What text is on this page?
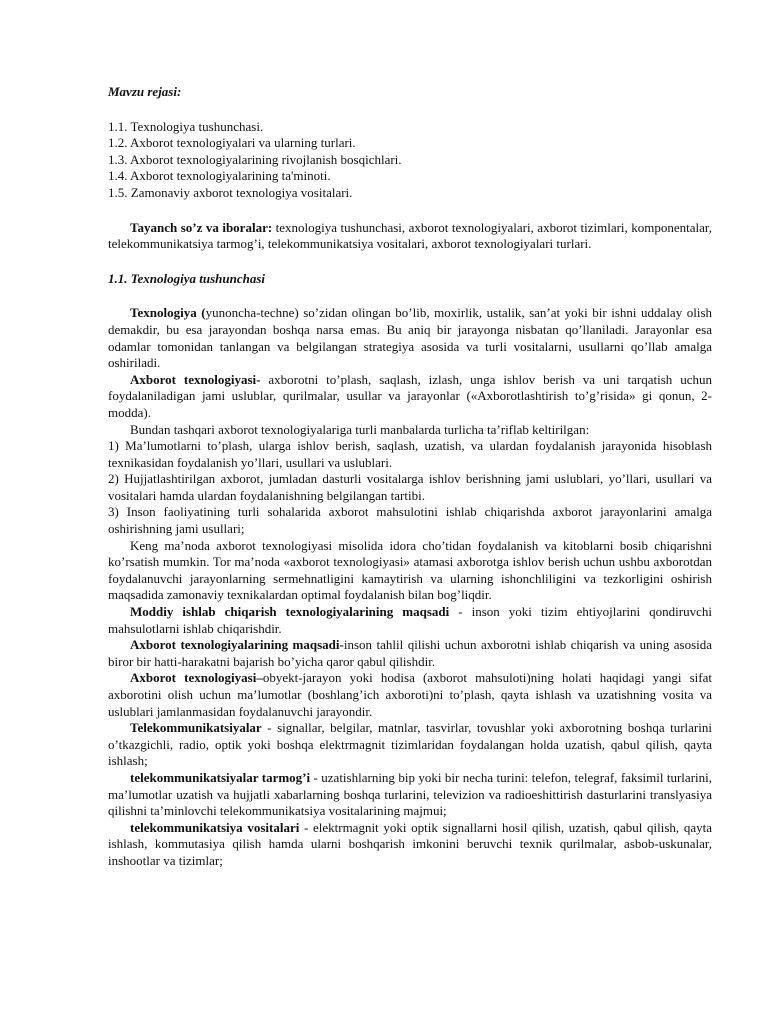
Mavzu rejasi:

1.1. Texnologiya tushunchasi.
1.2. Axborot texnologiyalari va ularning turlari.
1.3. Axborot texnologiyalarining rivojlanish bosqichlari.
1.4. Axborot texnologiyalarining ta'minoti.
1.5. Zamonaviy axborot texnologiya vositalari.

Tayanch so’z va iboralar: texnologiya tushunchasi, axborot texnologiyalari, axborot tizimlari, komponentalar, telekommunikatsiya tarmog’i, telekommunikatsiya vositalari, axborot texnologiyalari turlari.

1.1. Texnologiya tushunchasi

Texnologiya (yunoncha-techne) so’zidan olingan bo’lib, moxirlik, ustalik, san’at yoki bir ishni uddalay olish demakdir, bu esa jarayondan boshqa narsa emas. Bu aniq bir jarayonga nisbatan qo’llaniladi. Jarayonlar esa odamlar tomonidan tanlangan va belgilangan strategiya asosida va turli vositalarni, usullarni qo’llab amalga oshiriladi.

Axborot texnologiyasi- axborotni to’plash, saqlash, izlash, unga ishlov berish va uni tarqatish uchun foydalaniladigan jami uslublar, qurilmalar, usullar va jarayonlar («Axborotlashtirish to’g’risida» gi qonun, 2-modda).

Bundan tashqari axborot texnologiyalariga turli manbalarda turlicha ta’riflab keltirilgan:

1) Ma’lumotlarni to’plash, ularga ishlov berish, saqlash, uzatish, va ulardan foydalanish jarayonida hisoblash texnikasidan foydalanish yo’llari, usullari va uslublari.

2) Hujjatlashtirilgan axborot, jumladan dasturli vositalarga ishlov berishning jami uslublari, yo’llari, usullari va vositalari hamda ulardan foydalanishning belgilangan tartibi.

3) Inson faoliyatining turli sohalarida axborot mahsulotini ishlab chiqarishda axborot jarayonlarini amalga oshirishning jami usullari;

Keng ma’noda axborot texnologiyasi misolida idora cho’tidan foydalanish va kitoblarni bosib chiqarishni ko’rsatish mumkin. Tor ma’noda «axborot texnologiyasi» atamasi axborotga ishlov berish uchun ushbu axborotdan foydalanuvchi jarayonlarning sermehnatligini kamaytirish va ularning ishonchliligini va tezkorligini oshirish maqsadida zamonaviy texnikalardan optimal foydalanish bilan bog’liqdir.

Moddiy ishlab chiqarish texnologiyalarining maqsadi - inson yoki tizim ehtiyojlarini qondiruvchi mahsulotlarni ishlab chiqarishdir.

Axborot texnologiyalarining maqsadi-inson tahlil qilishi uchun axborotni ishlab chiqarish va uning asosida biror bir hatti-harakatni bajarish bo’yicha qaror qabul qilishdir.

Axborot texnologiyasi–obyekt-jarayon yoki hodisa (axborot mahsuloti)ning holati haqidagi yangi sifat axborotini olish uchun ma’lumotlar (boshlang’ich axboroti)ni to’plash, qayta ishlash va uzatishning vosita va uslublari jamlanmasidan foydalanuvchi jarayondir.

Telekommunikatsiyalar - signallar, belgilar, matnlar, tasvirlar, tovushlar yoki axborotning boshqa turlarini o’tkazgichli, radio, optik yoki boshqa elektrmagnit tizimlaridan foydalangan holda uzatish, qabul qilish, qayta ishlash;

telekommunikatsiyalar tarmog’i - uzatishlarning bip yoki bir necha turini: telefon, telegraf, faksimil turlarini, ma’lumotlar uzatish va hujjatli xabarlarning boshqa turlarini, televizion va radioeshittirish dasturlarini translyasiya qilishni ta’minlovchi telekommunikatsiya vositalarining majmui;

telekommunikatsiya vositalari - elektrmagnit yoki optik signallarni hosil qilish, uzatish, qabul qilish, qayta ishlash, kommutasiya qilish hamda ularni boshqarish imkonini beruvchi texnik qurilmalar, asbob-uskunalar, inshootlar va tizimlar;
